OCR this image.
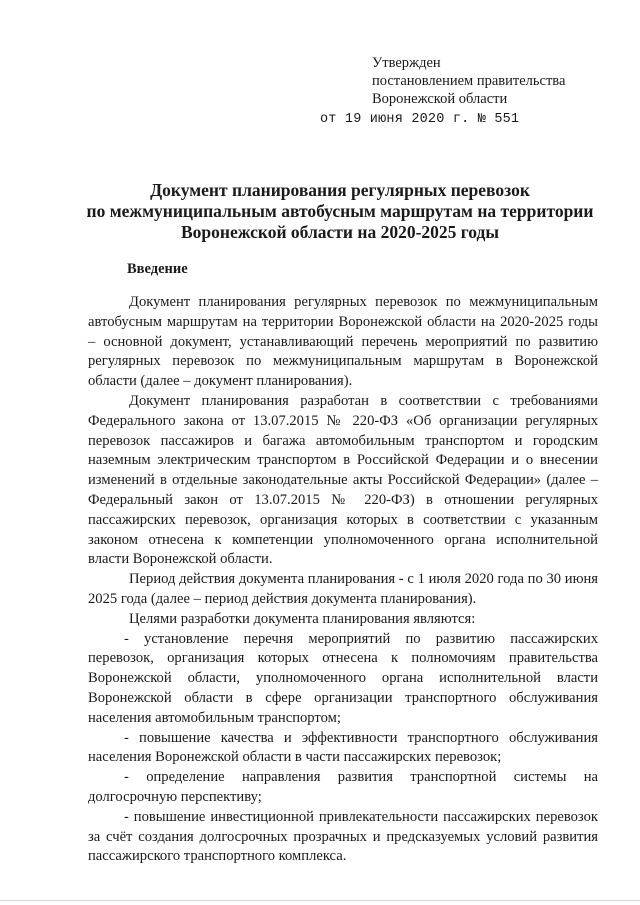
Утвержден
постановлением правительства
Воронежской области
от 19 июня 2020 г. № 551
Документ планирования регулярных перевозок
по межмуниципальным автобусным маршрутам на территории
Воронежской области на 2020-2025 годы
Введение

Документ планирования регулярных перевозок по межмуниципальным автобусным маршрутам на территории Воронежской области на 2020-2025 годы – основной документ, устанавливающий перечень мероприятий по развитию регулярных перевозок по межмуниципальным маршрутам в Воронежской области (далее – документ планирования).

Документ планирования разработан в соответствии с требованиями Федерального закона от 13.07.2015 № 220-ФЗ «Об организации регулярных перевозок пассажиров и багажа автомобильным транспортом и городским наземным электрическим транспортом в Российской Федерации и о внесении изменений в отдельные законодательные акты Российской Федерации» (далее – Федеральный закон от 13.07.2015 № 220-ФЗ) в отношении регулярных пассажирских перевозок, организация которых в соответствии с указанным законом отнесена к компетенции уполномоченного органа исполнительной власти Воронежской области.

Период действия документа планирования - с 1 июля 2020 года по 30 июня 2025 года (далее – период действия документа планирования).

Целями разработки документа планирования являются:

- установление перечня мероприятий по развитию пассажирских перевозок, организация которых отнесена к полномочиям правительства Воронежской области, уполномоченного органа исполнительной власти Воронежской области в сфере организации транспортного обслуживания населения автомобильным транспортом;

- повышение качества и эффективности транспортного обслуживания населения Воронежской области в части пассажирских перевозок;

- определение направления развития транспортной системы на долгосрочную перспективу;

- повышение инвестиционной привлекательности пассажирских перевозок за счёт создания долгосрочных прозрачных и предсказуемых условий развития пассажирского транспортного комплекса.
